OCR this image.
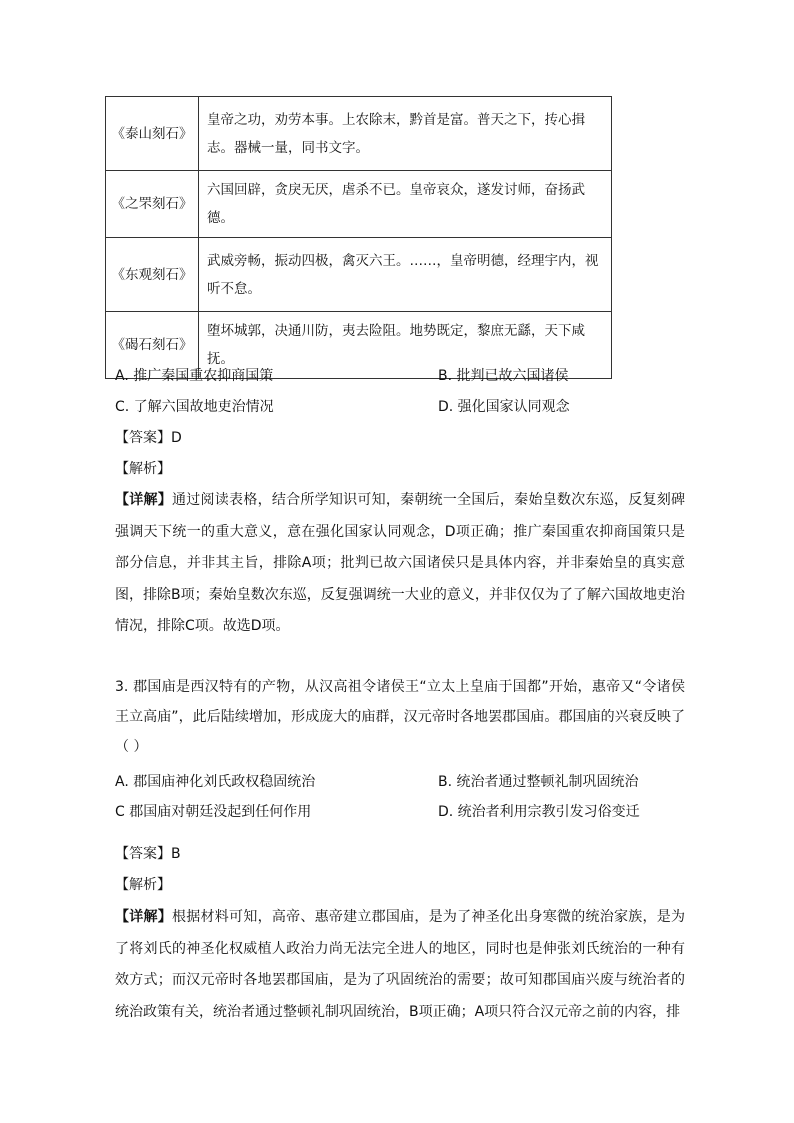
《泰山刻石》	皇帝之功，劝劳本事。上农除末，黔首是富。普天之下，抟心揖志。器械一量，同书文字。
《之罘刻石》	六国回辟，贪戾无厌，虐杀不已。皇帝哀众，遂发讨师，奋扬武德。
《东观刻石》	武威旁畅，振动四极，禽灭六王。……，皇帝明德，经理宇内，视听不怠。
《碣石刻石》	堕坏城郭，决通川防，夷去险阻。地势既定，黎庶无繇，天下咸抚。
A. 推广秦国重农抑商国策	B. 批判已故六国诸侯
C. 了解六国故地吏治情况	D. 强化国家认同观念
【答案】D
【解析】
【详解】通过阅读表格，结合所学知识可知，秦朝统一全国后，秦始皇数次东巡，反复刻碑强调天下统一的重大意义，意在强化国家认同观念，D项正确；推广秦国重农抑商国策只是部分信息，并非其主旨，排除A项；批判已故六国诸侯只是具体内容，并非秦始皇的真实意图，排除B项；秦始皇数次东巡，反复强调统一大业的意义，并非仅仅为了了解六国故地吏治情况，排除C项。故选D项。
3. 郡国庙是西汉特有的产物，从汉高祖令诸侯王“立太上皇庙于国都”开始，惠帝又“令诸侯王立高庙”，此后陆续增加，形成庞大的庙群，汉元帝时各地罢郡国庙。郡国庙的兴衰反映了（ ）
A. 郡国庙神化刘氏政权稳固统治	B. 统治者通过整顿礼制巩固统治
C 郡国庙对朝廷没起到任何作用	D. 统治者利用宗教引发习俗变迁
【答案】B
【解析】
【详解】根据材料可知，高帝、惠帝建立郡国庙，是为了神圣化出身寒微的统治家族，是为了将刘氏的神圣化权威植人政治力尚无法完全进人的地区，同时也是伸张刘氏统治的一种有效方式；而汉元帝时各地罢郡国庙，是为了巩固统治的需要；故可知郡国庙兴废与统治者的统治政策有关，统治者通过整顿礼制巩固统治，B项正确；A项只符合汉元帝之前的内容，排
